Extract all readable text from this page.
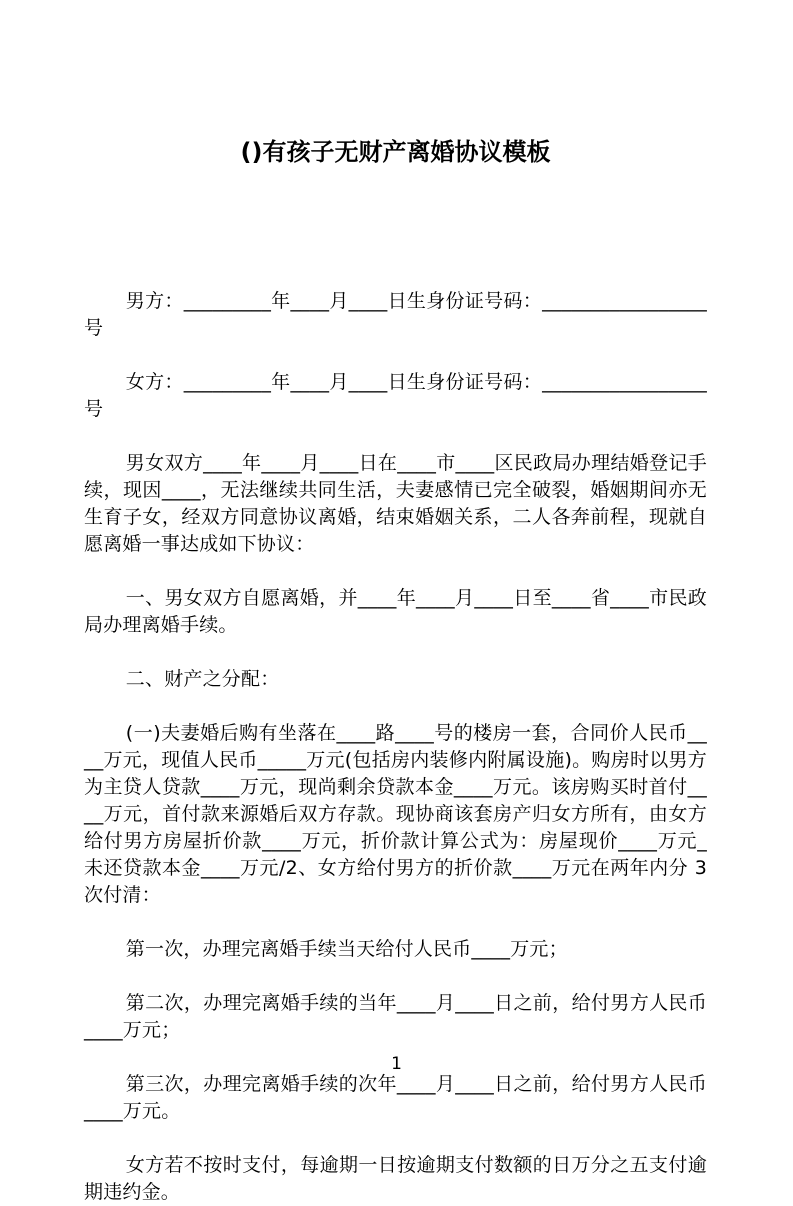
()有孩子无财产离婚协议模板

男方：_________年____月____日生身份证号码：_________________号

女方：_________年____月____日生身份证号码：_________________号

男女双方____年____月____日在____市____区民政局办理结婚登记手续，现因____，无法继续共同生活，夫妻感情已完全破裂，婚姻期间亦无生育子女，经双方同意协议离婚，结束婚姻关系，二人各奔前程，现就自愿离婚一事达成如下协议：

一、男女双方自愿离婚，并____年____月____日至____省____市民政局办理离婚手续。

二、财产之分配：

(一)夫妻婚后购有坐落在____路____号的楼房一套，合同价人民币____万元，现值人民币_____万元(包括房内装修内附属设施)。购房时以男方为主贷人贷款____万元，现尚剩余贷款本金____万元。该房购买时首付____万元，首付款来源婚后双方存款。现协商该套房产归女方所有，由女方给付男方房屋折价款____万元，折价款计算公式为：房屋现价____万元_未还贷款本金____万元/2、女方给付男方的折价款____万元在两年内分 3 次付清：

第一次，办理完离婚手续当天给付人民币____万元；

第二次，办理完离婚手续的当年____月____日之前，给付男方人民币____万元；

第三次，办理完离婚手续的次年____月____日之前，给付男方人民币____万元。

女方若不按时支付，每逾期一日按逾期支付数额的日万分之五支付逾期违约金。

1
